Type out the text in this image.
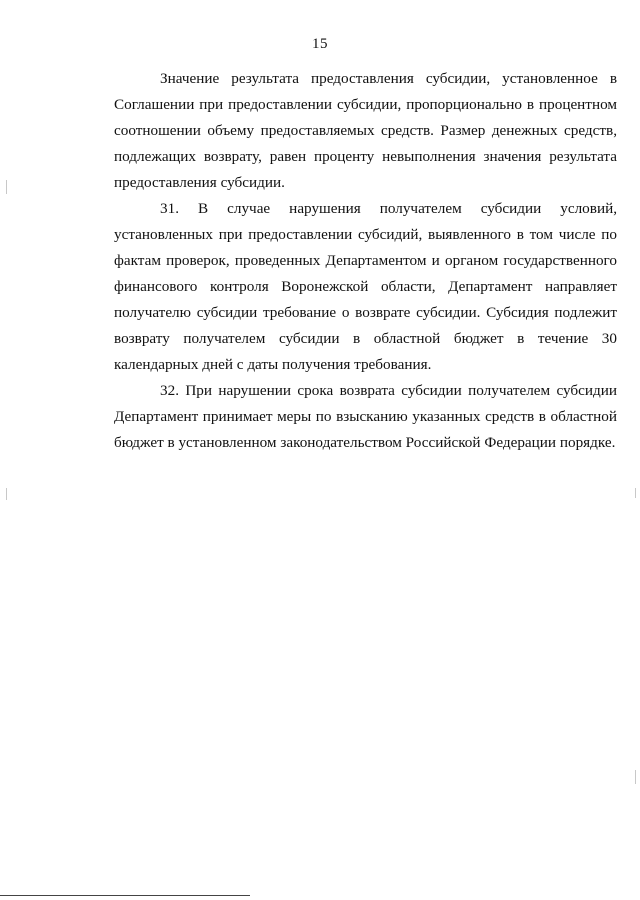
15

Значение результата предоставления субсидии, установленное в Соглашении при предоставлении субсидии, пропорционально в процентном соотношении объему предоставляемых средств. Размер денежных средств, подлежащих возврату, равен проценту невыполнения значения результата предоставления субсидии.

31. В случае нарушения получателем субсидии условий, установленных при предоставлении субсидий, выявленного в том числе по фактам проверок, проведенных Департаментом и органом государственного финансового контроля Воронежской области, Департамент направляет получателю субсидии требование о возврате субсидии. Субсидия подлежит возврату получателем субсидии в областной бюджет в течение 30 календарных дней с даты получения требования.

32. При нарушении срока возврата субсидии получателем субсидии Департамент принимает меры по взысканию указанных средств в областной бюджет в установленном законодательством Российской Федерации порядке.
